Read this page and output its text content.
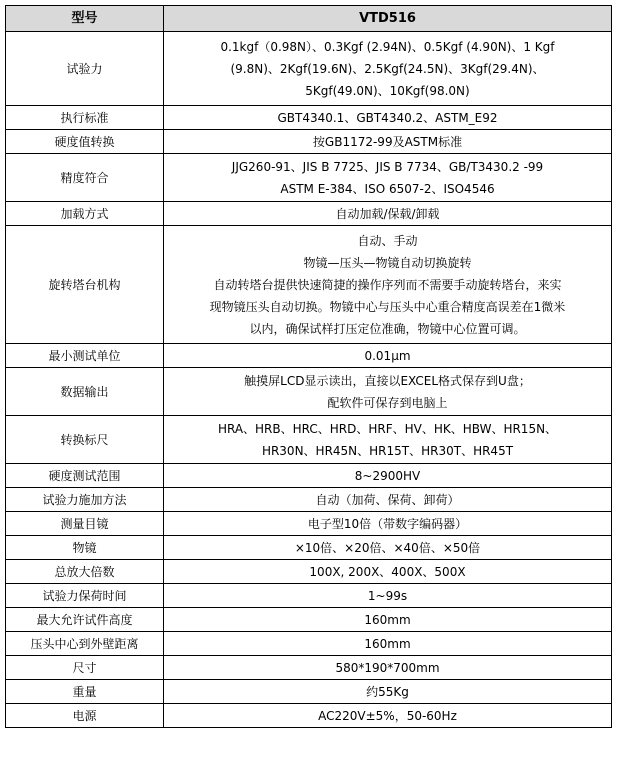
型号	VTD516
试验力	0.1kgf（0.98N）、0.3Kgf (2.94N)、0.5Kgf (4.90N)、1 Kgf
(9.8N)、2Kgf(19.6N)、2.5Kgf(24.5N)、3Kgf(29.4N)、
5Kgf(49.0N)、10Kgf(98.0N)

执行标准	GBT4340.1、GBT4340.2、ASTM_E92

硬度值转换	按GB1172-99及ASTM标准

精度符合	JJG260-91、JIS B 7725、JIS B 7734、GB/T3430.2 -99
ASTM E-384、ISO 6507-2、ISO4546

加载方式	自动加载/保载/卸载

旋转塔台机构	自动、手动
物镜—压头—物镜自动切换旋转
自动转塔台提供快速简捷的操作序列而不需要手动旋转塔台，来实
现物镜压头自动切换。物镜中心与压头中心重合精度高误差在1微米
以内，确保试样打压定位准确，物镜中心位置可调。

最小测试单位	0.01μm

数据输出	触摸屏LCD显示读出，直接以EXCEL格式保存到U盘；
配软件可保存到电脑上

转换标尺	HRA、HRB、HRC、HRD、HRF、HV、HK、HBW、HR15N、
HR30N、HR45N、HR15T、HR30T、HR45T

硬度测试范围	8~2900HV

试验力施加方法	自动（加荷、保荷、卸荷）

测量目镜	电子型10倍（带数字编码器）

物镜	×10倍、×20倍、×40倍、×50倍

总放大倍数	100X, 200X、400X、500X

试验力保荷时间	1~99s

最大允许试件高度	160mm

压头中心到外壁距离	160mm

尺寸	580*190*700mm

重量	约55Kg

电源	AC220V±5%，50-60Hz
